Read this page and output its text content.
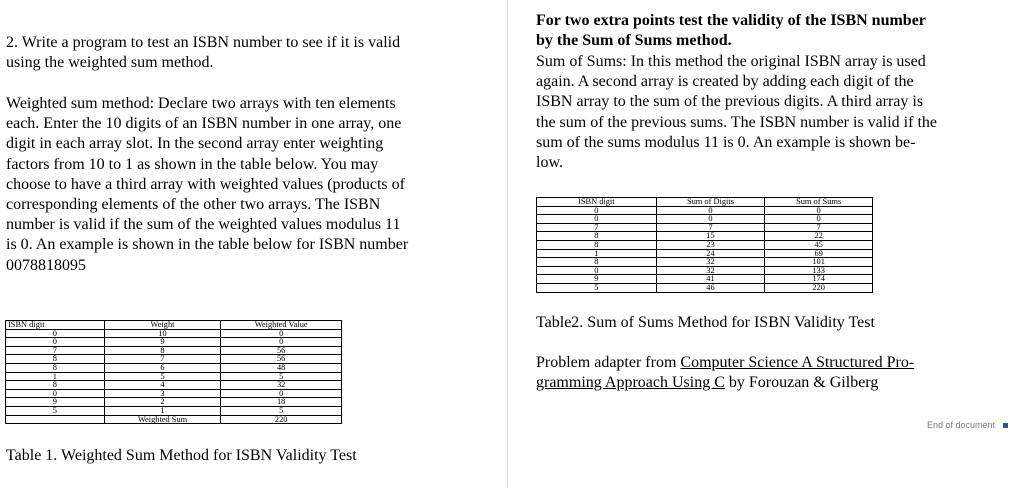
2. Write a program to test an ISBN number to see if it is valid

using the weighted sum method.

Weighted sum method: Declare two arrays with ten elements

each. Enter the 10 digits of an ISBN number in one array, one

digit in each array slot. In the second array enter weighting

factors from 10 to 1 as shown in the table below. You may

choose to have a third array with weighted values (products of

corresponding elements of the other two arrays. The ISBN

number is valid if the sum of the weighted values modulus 11

is 0. An example is shown in the table below for ISBN number

0078818095

ISBN digit	Weight	Weighted Value
0	10	0
0	9	0
7	8	56
8	7	56
8	6	48
1	5	5
8	4	32
0	3	0
9	2	18
5	1	5
	Weighted Sum	220
Table 1. Weighted Sum Method for ISBN Validity Test

For two extra points test the validity of the ISBN number

by the Sum of Sums method.

Sum of Sums: In this method the original ISBN array is used

again. A second array is created by adding each digit of the

ISBN array to the sum of the previous digits. A third array is

the sum of the previous sums. The ISBN number is valid if the

sum of the sums modulus 11 is 0. An example is shown be-

low.

ISBN digit	Sum of Digits	Sum of Sums
0	0	0
0	0	0
7	7	7
8	15	22
8	23	45
1	24	69
8	32	101
0	32	133
9	41	174
5	46	220
Table2. Sum of Sums Method for ISBN Validity Test
Problem adapter from Computer Science A Structured Pro-
gramming Approach Using C by Forouzan & Gilberg
End of document
